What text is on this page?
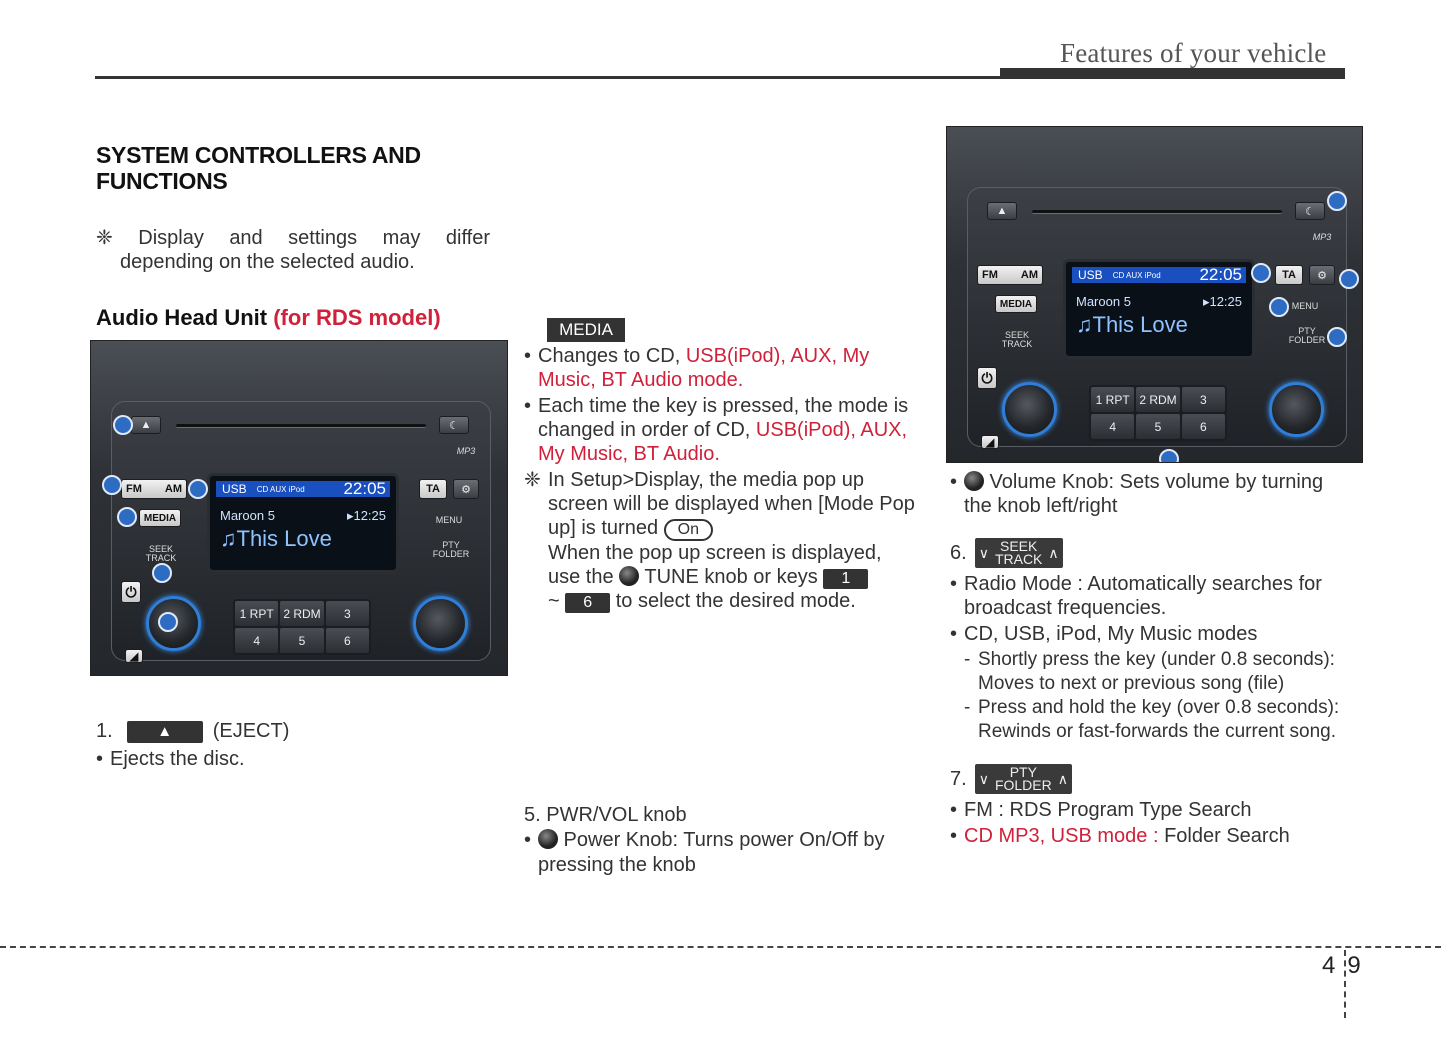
Features of your vehicle
SYSTEM CONTROLLERS AND FUNCTIONS
❈ Display and settings may differ
depending on the selected audio.
Audio Head Unit (for RDS model)
▲	☾
MP3
FM AM
MEDIA
SEEK TRACK
USB CD AUX iPod 22:05
Maroon 5	▸12:25
♫This Love
TA	⚙
MENU
PTY FOLDER
1 RPT 2 RDM	3
4	5	6
⏻
◢
1.	▲	(EJECT)
• Ejects the disc.
MEDIA
• Changes to CD, USB(iPod), AUX, My Music, BT Audio mode.
• Each time the key is pressed, the mode is changed in order of CD, USB(iPod), AUX, My Music, BT Audio.
❈ In Setup>Display, the media pop up screen will be displayed when [Mode Pop up] is turned On
When the pop up screen is displayed, use the  TUNE knob or keys 1
~ 6 to select the desired mode.
5. PWR/VOL knob
• Power Knob: Turns power On/Off by pressing the knob
▲	☾
MP3
FM AM
MEDIA
SEEK TRACK
USB CD AUX iPod 22:05
Maroon 5	▸12:25
♫This Love
TA	⚙
MENU
PTY FOLDER
1 RPT 2 RDM	3
4	5	6
⏻
◢
• Volume Knob: Sets volume by turning the knob left/right
6. ∨ SEEK
TRACK ∧
• Radio Mode : Automatically searches for broadcast frequencies.
• CD, USB, iPod, My Music modes
- Shortly press the key (under 0.8 seconds): Moves to next or previous song (file)
- Press and hold the key (over 0.8 seconds): Rewinds or fast-forwards the current song.
7. ∨	PTY
FOLDER ∧
• FM : RDS Program Type Search
• CD MP3, USB mode : Folder Search
4 9
